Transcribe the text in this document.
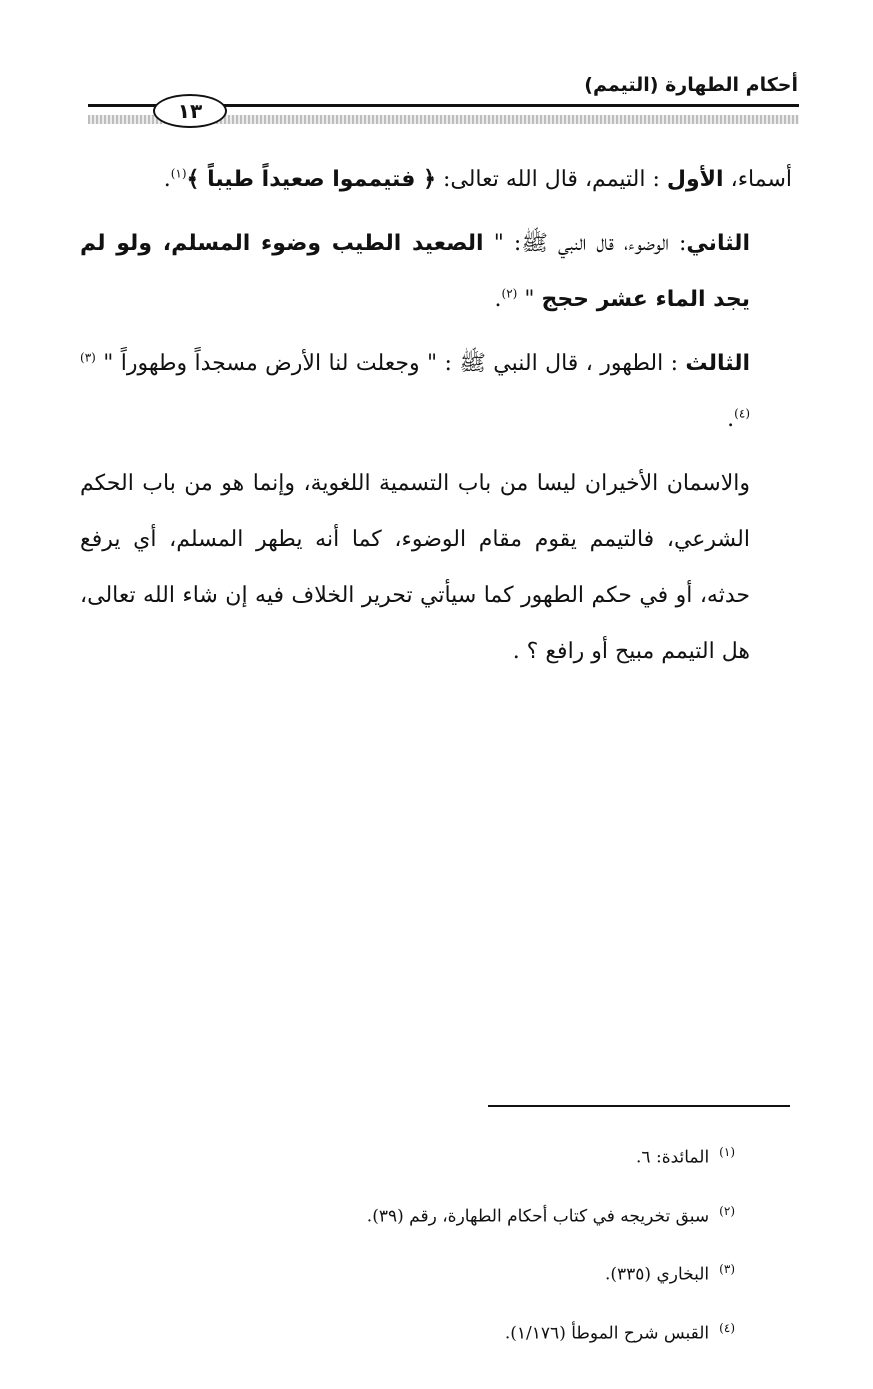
أحكام الطهارة (التيمم)
١٣

أسماء، الأول : التيمم، قال الله تعالى: ﴿ فتيمموا صعيداً طيباً ﴾$^{(١)}$.

الثاني: الوضوء، قال النبي ﷺ: " الصعيد الطيب وضوء المسلم، ولو لم يجد الماء عشر حجج " $^{(٢)}$.

الثالث : الطهور ، قال النبي ﷺ : " وجعلت لنا الأرض مسجداً وطهوراً " $^{(٣)}$ $^{(٤)}$.

والاسمان الأخيران ليسا من باب التسمية اللغوية، وإنما هو من باب الحكم الشرعي، فالتيمم يقوم مقام الوضوء، كما أنه يطهر المسلم، أي يرفع حدثه، أو في حكم الطهور كما سيأتي تحرير الخلاف فيه إن شاء الله تعالى، هل التيمم مبيح أو رافع ؟ .

$^{(١)}$المائدة: ٦.
$^{(٢)}$سبق تخريجه في كتاب أحكام الطهارة، رقم (٣٩).
$^{(٣)}$البخاري (٣٣٥).
$^{(٤)}$القبس شرح الموطأ (١/١٧٦).
